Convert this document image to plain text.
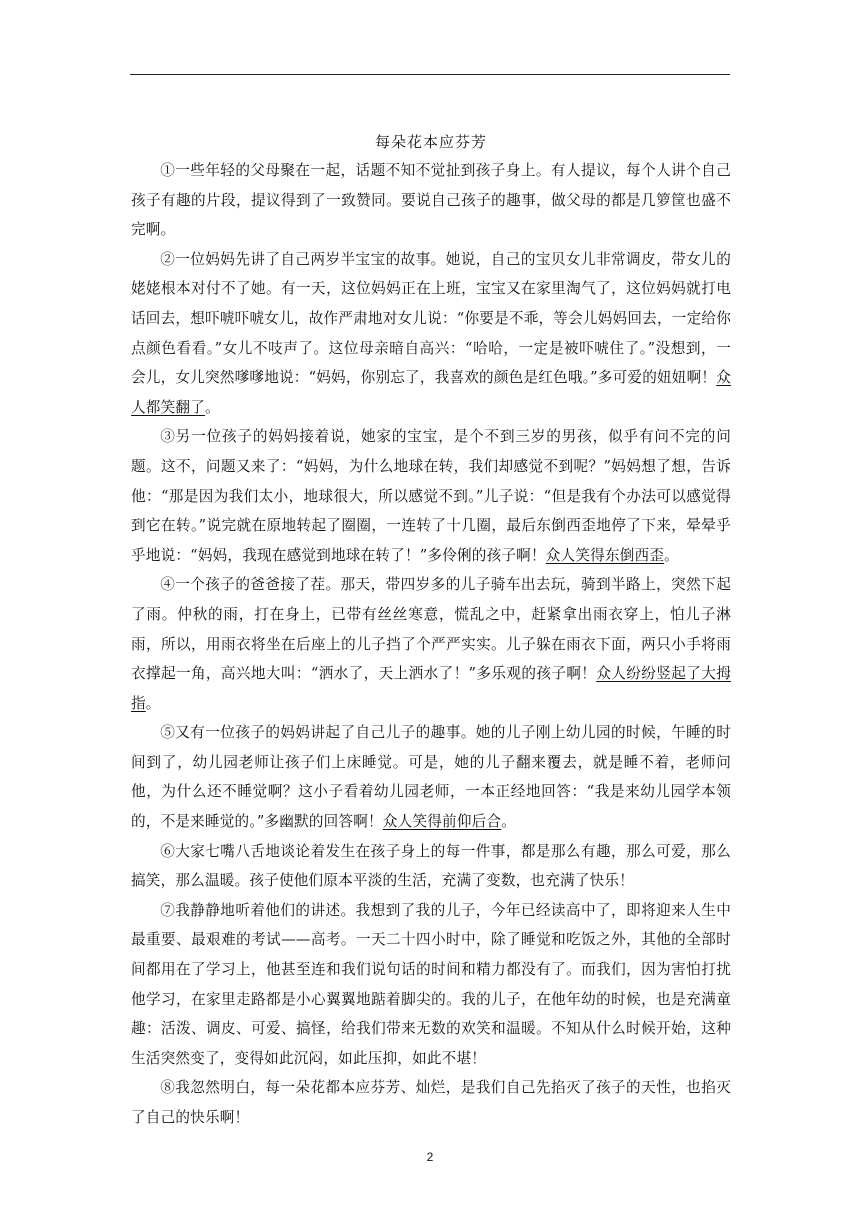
每朵花本应芬芳

①一些年轻的父母聚在一起，话题不知不觉扯到孩子身上。有人提议，每个人讲个自己孩子有趣的片段，提议得到了一致赞同。要说自己孩子的趣事，做父母的都是几箩筐也盛不完啊。

②一位妈妈先讲了自己两岁半宝宝的故事。她说，自己的宝贝女儿非常调皮，带女儿的姥姥根本对付不了她。有一天，这位妈妈正在上班，宝宝又在家里淘气了，这位妈妈就打电话回去，想吓唬吓唬女儿，故作严肃地对女儿说：“你要是不乖，等会儿妈妈回去，一定给你点颜色看看。”女儿不吱声了。这位母亲暗自高兴：“哈哈，一定是被吓唬住了。”没想到，一会儿，女儿突然嗲嗲地说：“妈妈，你别忘了，我喜欢的颜色是红色哦。”多可爱的妞妞啊！众人都笑翻了。

③另一位孩子的妈妈接着说，她家的宝宝，是个不到三岁的男孩，似乎有问不完的问题。这不，问题又来了：“妈妈，为什么地球在转，我们却感觉不到呢？”妈妈想了想，告诉他：“那是因为我们太小，地球很大，所以感觉不到。”儿子说：“但是我有个办法可以感觉得到它在转。”说完就在原地转起了圈圈，一连转了十几圈，最后东倒西歪地停了下来，晕晕乎乎地说：“妈妈，我现在感觉到地球在转了！”多伶俐的孩子啊！众人笑得东倒西歪。

④一个孩子的爸爸接了茬。那天，带四岁多的儿子骑车出去玩，骑到半路上，突然下起了雨。仲秋的雨，打在身上，已带有丝丝寒意，慌乱之中，赶紧拿出雨衣穿上，怕儿子淋雨，所以，用雨衣将坐在后座上的儿子挡了个严严实实。儿子躲在雨衣下面，两只小手将雨衣撑起一角，高兴地大叫：“洒水了，天上洒水了！”多乐观的孩子啊！众人纷纷竖起了大拇指。

⑤又有一位孩子的妈妈讲起了自己儿子的趣事。她的儿子刚上幼儿园的时候，午睡的时间到了，幼儿园老师让孩子们上床睡觉。可是，她的儿子翻来覆去，就是睡不着，老师问他，为什么还不睡觉啊？这小子看着幼儿园老师，一本正经地回答：“我是来幼儿园学本领的，不是来睡觉的。”多幽默的回答啊！众人笑得前仰后合。

⑥大家七嘴八舌地谈论着发生在孩子身上的每一件事，都是那么有趣，那么可爱，那么搞笑，那么温暖。孩子使他们原本平淡的生活，充满了变数，也充满了快乐！

⑦我静静地听着他们的讲述。我想到了我的儿子，今年已经读高中了，即将迎来人生中最重要、最艰难的考试——高考。一天二十四小时中，除了睡觉和吃饭之外，其他的全部时间都用在了学习上，他甚至连和我们说句话的时间和精力都没有了。而我们，因为害怕打扰他学习，在家里走路都是小心翼翼地踮着脚尖的。我的儿子，在他年幼的时候，也是充满童趣：活泼、调皮、可爱、搞怪，给我们带来无数的欢笑和温暖。不知从什么时候开始，这种生活突然变了，变得如此沉闷，如此压抑，如此不堪！

⑧我忽然明白，每一朵花都本应芬芳、灿烂，是我们自己先掐灭了孩子的天性，也掐灭了自己的快乐啊！

2
